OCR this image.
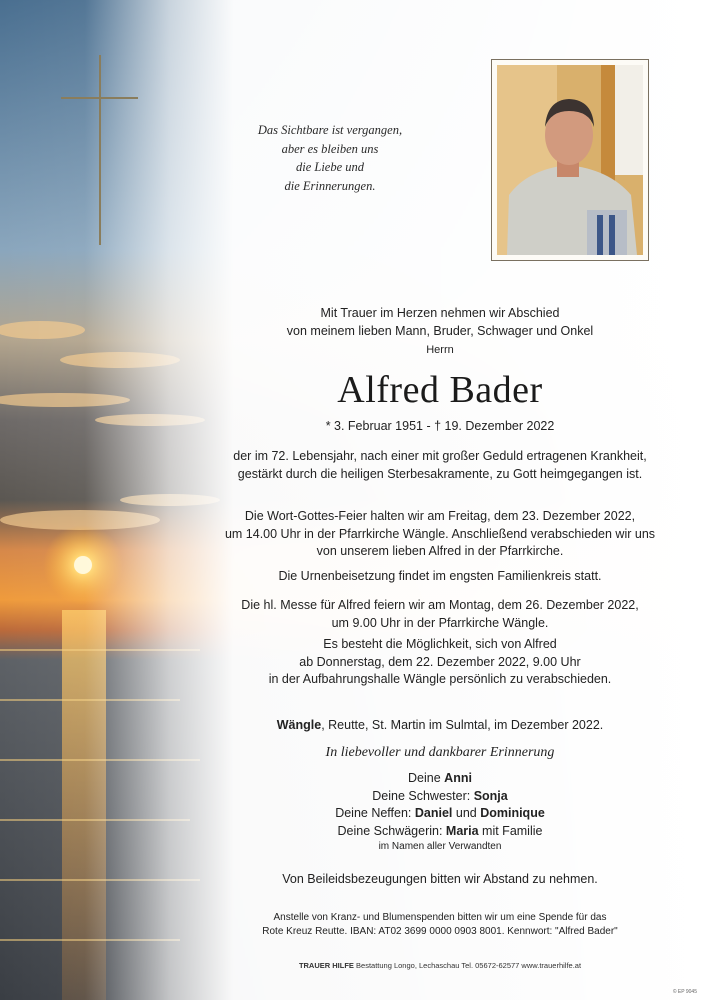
Das Sichtbare ist vergangen,
aber es bleiben uns
die Liebe und
die Erinnerungen.
Mit Trauer im Herzen nehmen wir Abschied
von meinem lieben Mann, Bruder, Schwager und Onkel
Herrn
Alfred Bader
* 3. Februar 1951 - † 19. Dezember 2022
der im 72. Lebensjahr, nach einer mit großer Geduld ertragenen Krankheit,
gestärkt durch die heiligen Sterbesakramente, zu Gott heimgegangen ist.
Die Wort-Gottes-Feier halten wir am Freitag, dem 23. Dezember 2022,
um 14.00 Uhr in der Pfarrkirche Wängle. Anschließend verabschieden wir uns
von unserem lieben Alfred in der Pfarrkirche.
Die Urnenbeisetzung findet im engsten Familienkreis statt.
Die hl. Messe für Alfred feiern wir am Montag, dem 26. Dezember 2022,
um 9.00 Uhr in der Pfarrkirche Wängle.
Es besteht die Möglichkeit, sich von Alfred
ab Donnerstag, dem 22. Dezember 2022, 9.00 Uhr
in der Aufbahrungshalle Wängle persönlich zu verabschieden.
Wängle, Reutte, St. Martin im Sulmtal, im Dezember 2022.
In liebevoller und dankbarer Erinnerung
Deine Anni
Deine Schwester: Sonja
Deine Neffen: Daniel und Dominique
Deine Schwägerin: Maria mit Familie
im Namen aller Verwandten
Von Beileidsbezeugungen bitten wir Abstand zu nehmen.
Anstelle von Kranz- und Blumenspenden bitten wir um eine Spende für das
Rote Kreuz Reutte. IBAN: AT02 3699 0000 0903 8001. Kennwort: "Alfred Bader"
TRAUER HILFE Bestattung Longo, Lechaschau Tel. 05672-62577 www.trauerhilfe.at
© EP 9045
